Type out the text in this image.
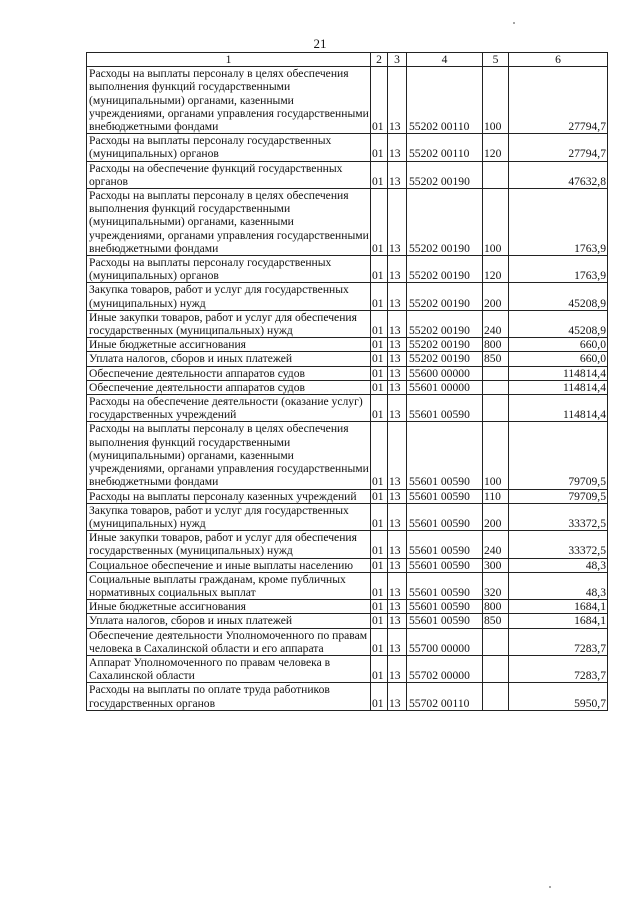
21
1	2	3	4	5	6
Расходы на выплаты персоналу в целях обеспечения выполнения функций государственными (муниципальными) органами, казенными учреждениями, органами управления государственными внебюджетными фондами	01	13	55202 00110	100	27794,7
Расходы на выплаты персоналу государственных (муниципальных) органов	01	13	55202 00110	120	27794,7
Расходы на обеспечение функций государственных органов	01	13	55202 00190		47632,8
Расходы на выплаты персоналу в целях обеспечения выполнения функций государственными (муниципальными) органами, казенными учреждениями, органами управления государственными внебюджетными фондами	01	13	55202 00190	100	1763,9
Расходы на выплаты персоналу государственных (муниципальных) органов	01	13	55202 00190	120	1763,9
Закупка товаров, работ и услуг для государственных (муниципальных) нужд	01	13	55202 00190	200	45208,9
Иные закупки товаров, работ и услуг для обеспечения государственных (муниципальных) нужд	01	13	55202 00190	240	45208,9
Иные бюджетные ассигнования	01	13	55202 00190	800	660,0
Уплата налогов, сборов и иных платежей	01	13	55202 00190	850	660,0
Обеспечение деятельности аппаратов судов	01	13	55600 00000		114814,4
Обеспечение деятельности аппаратов судов	01	13	55601 00000		114814,4
Расходы на обеспечение деятельности (оказание услуг) государственных учреждений	01	13	55601 00590		114814,4
Расходы на выплаты персоналу в целях обеспечения выполнения функций государственными (муниципальными) органами, казенными учреждениями, органами управления государственными внебюджетными фондами	01	13	55601 00590	100	79709,5
Расходы на выплаты персоналу казенных учреждений	01	13	55601 00590	110	79709,5
Закупка товаров, работ и услуг для государственных (муниципальных) нужд	01	13	55601 00590	200	33372,5
Иные закупки товаров, работ и услуг для обеспечения государственных (муниципальных) нужд	01	13	55601 00590	240	33372,5
Социальное обеспечение и иные выплаты населению	01	13	55601 00590	300	48,3
Социальные выплаты гражданам, кроме публичных нормативных социальных выплат	01	13	55601 00590	320	48,3
Иные бюджетные ассигнования	01	13	55601 00590	800	1684,1
Уплата налогов, сборов и иных платежей	01	13	55601 00590	850	1684,1
Обеспечение деятельности Уполномоченного по правам человека в Сахалинской области и его аппарата	01	13	55700 00000		7283,7
Аппарат Уполномоченного по правам человека в Сахалинской области	01	13	55702 00000		7283,7
Расходы на выплаты по оплате труда работников государственных органов	01	13	55702 00110		5950,7
